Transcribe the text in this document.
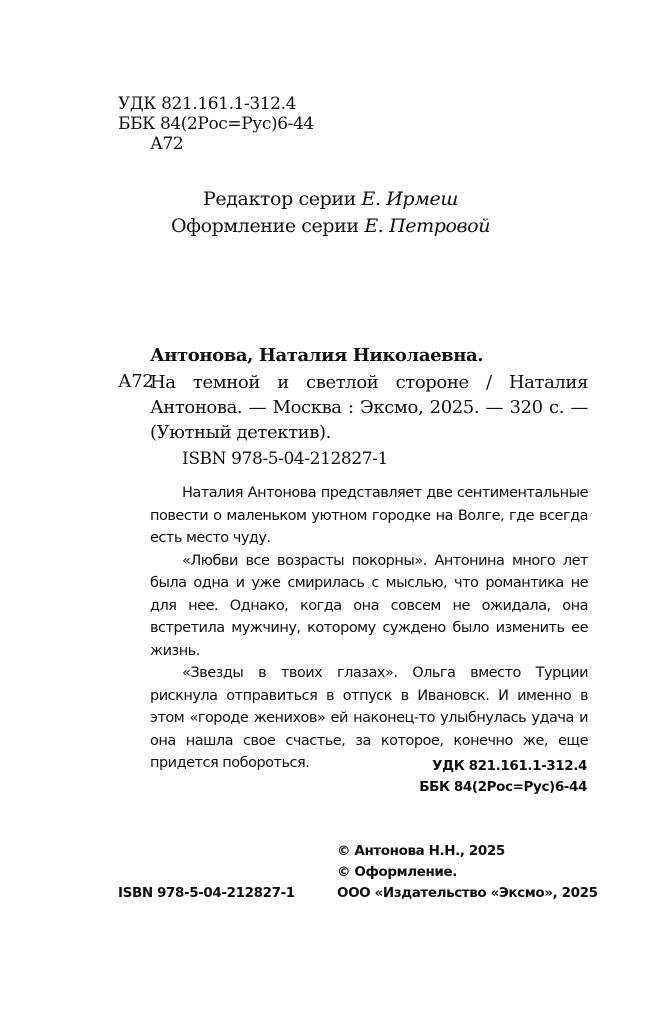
УДК 821.161.1-312.4
ББК 84(2Рос=Рус)6-44
А72
Редактор серии Е. Ирмеш
Оформление серии Е. Петровой
Антонова, Наталия Николаевна.
А72
На темной и светлой стороне / Наталия Антонова. — Москва : Эксмо, 2025. — 320 с. — (Уютный детектив).
ISBN 978-5-04-212827-1

Наталия Антонова представляет две сентиментальные повести о маленьком уютном городке на Волге, где всегда есть место чуду.

«Любви все возрасты покорны». Антонина много лет была одна и уже смирилась с мыслью, что романтика не для нее. Однако, когда она совсем не ожидала, она встретила мужчину, которому суждено было изменить ее жизнь.

«Звезды в твоих глазах». Ольга вместо Турции рискнула отправиться в отпуск в Ивановск. И именно в этом «городе женихов» ей наконец-то улыбнулась удача и она нашла свое счастье, за которое, конечно же, еще придется побороться.	УДК 821.161.1-312.4
ББК 84(2Рос=Рус)6-44
© Антонова Н.Н., 2025
© Оформление.
ISBN 978-5-04-212827-1	ООО «Издательство «Эксмо», 2025
